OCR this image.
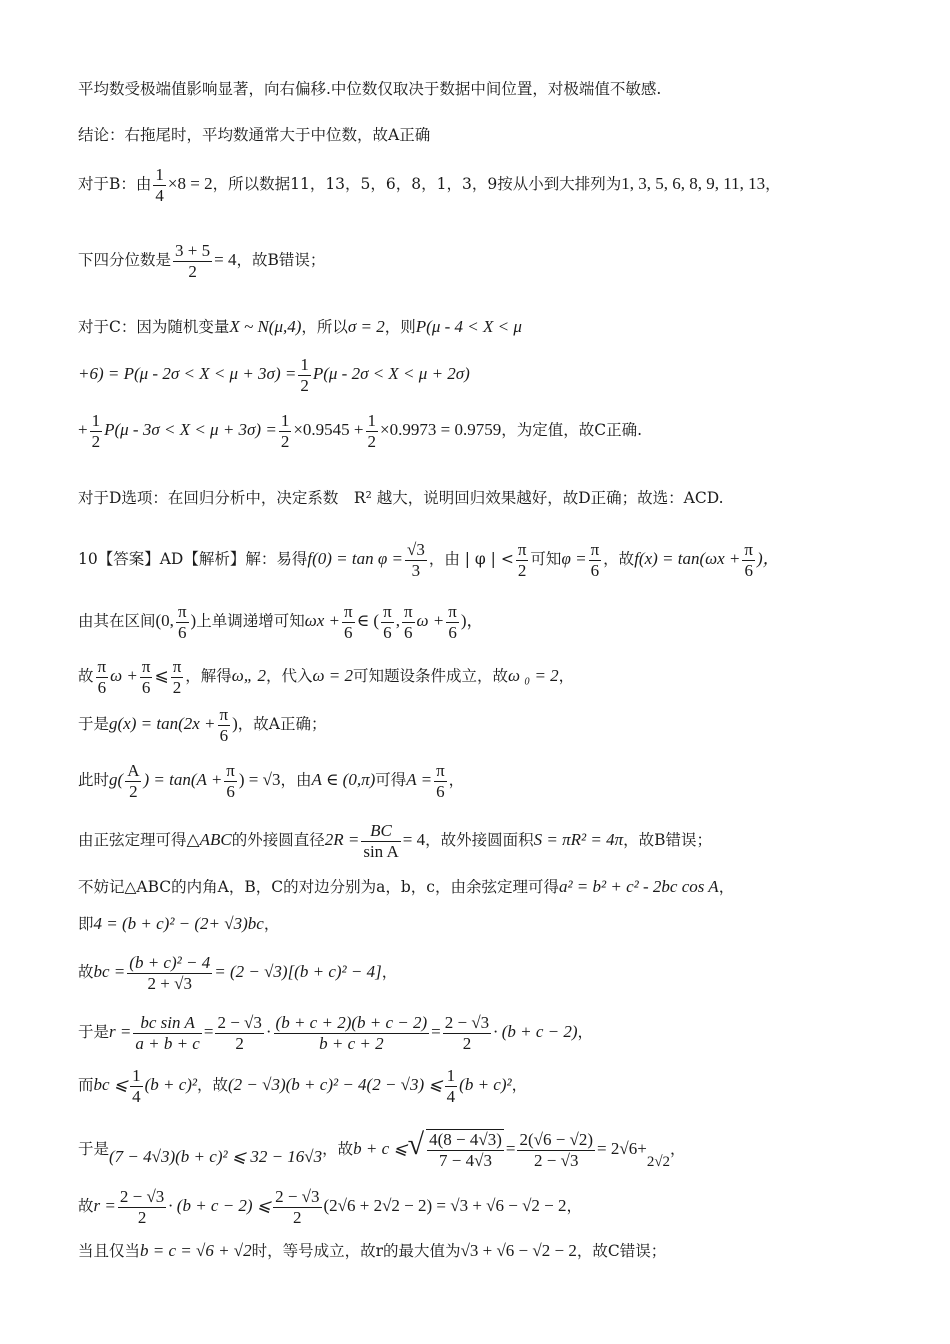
平均数受极端值影响显著，向右偏移.中位数仅取决于数据中间位置，对极端值不敏感.
结论：右拖尾时，平均数通常大于中位数，故A正确
对于B：由 $\frac{1}{4} \times 8 = 2$，所以数据11，13，5，6，8，1，3，9按从小到大排列为1, 3, 5, 6, 8, 9, 11, 13，
下四分位数是 $\frac{3 + 5}{2} = 4$，故B错误；
对于C：因为随机变量X ~ N(μ,4)，所以σ = 2，则P(μ - 4 < X < μ
$+6) = P(\mu - 2\sigma < X < \mu + 3\sigma) = \frac{1}{2} P(\mu - 2\sigma < X < \mu + 2\sigma)$
+ $\frac{1}{2} P(\mu - 3\sigma < X < \mu + 3\sigma) = \frac{1}{2} \times 0.9545 + \frac{1}{2} \times 0.9973 = 0.9759$，为定值，故C正确.
对于D选项：在回归分析中，决定系数　R² 越大，说明回归效果越好，故D正确；故选：ACD.
10【答案】AD【解析】解：易得$f(0) = \tan \varphi = \frac{√3}{3}$ ，由 | φ | < $\frac{\pi}{2}$ 可知$\varphi = \frac{\pi}{6}$ ，故$f(x) = \tan(\omega x + \frac{\pi}{6}$ )，
由其在区间(0, $\frac{\pi}{6}$ )上单调递增可知$\omega x + \frac{\pi}{6}$ ∈ ( $\frac{\pi}{6}$ , $\frac{\pi}{6}$ $\omega + \frac{\pi}{6}$ )，
故 $\frac{\pi}{6}$ $\omega + \frac{\pi}{6}$ ⩽ $\frac{\pi}{2}$ ，解得ω„ 2，代入ω = 2可知题设条件成立，故ω ₀ = 2，
于是$g(x) = \tan(2x + \frac{\pi}{6}$ )，故A正确；
此时$g( \frac{A}{2}$ ) = $\tan(A + \frac{\pi}{6}$ ) = √3，由A ∈ (0,π)可得$A = \frac{\pi}{6}$ ，
由正弦定理可得△ABC的外接圆直径$2R = \frac{BC}{\text{sin A}} = 4$，故外接圆面积S = πR² = 4π，故B错误；
不妨记△ABC的内角A，B，C的对边分别为a，b，c，由余弦定理可得a² = b² + c² - 2bc cos A，
即4 = (b + c)² − (2+ √3)bc，
故bc = $\frac{\text{(b + c)² − 4}}{2 + √3} = (2 - √3)[(b + c)^2 - 4]$，
于是$r = \frac{\text{bc sin A}}{a + b + c} = \frac{2 - √3}{2} \cdot \frac{(b + c + 2)(b + c - 2)}{b + c + 2} = \frac{2 - √3}{2} \cdot (b + c - 2)$，
而bc ⩽ $\frac{1}{4} (b + c)^2$，故(2 − √3)(b + c)² − 4(2 − √3) ⩽ $\frac{1}{4} (b + c)^2$，
于是(7 − 4√3)(b + c)² ⩽ 32 − 16√3，故b + c ⩽√ $\frac{4(8 - 4√3)}{7 - 4√3} = \frac{2(√6 - √2)}{2 - √3} = 2√6+2√2$，
故$r = \frac{2 - √3}{2} \cdot (b + c - 2)$ ⩽ $\frac{2 - √3}{2} (2√6 + 2√2 - 2) = √3 + √6 - √2 - 2$，
当且仅当b = c = √6 + √2时，等号成立，故r的最大值为√3 + √6 − √2 − 2，故C错误；
